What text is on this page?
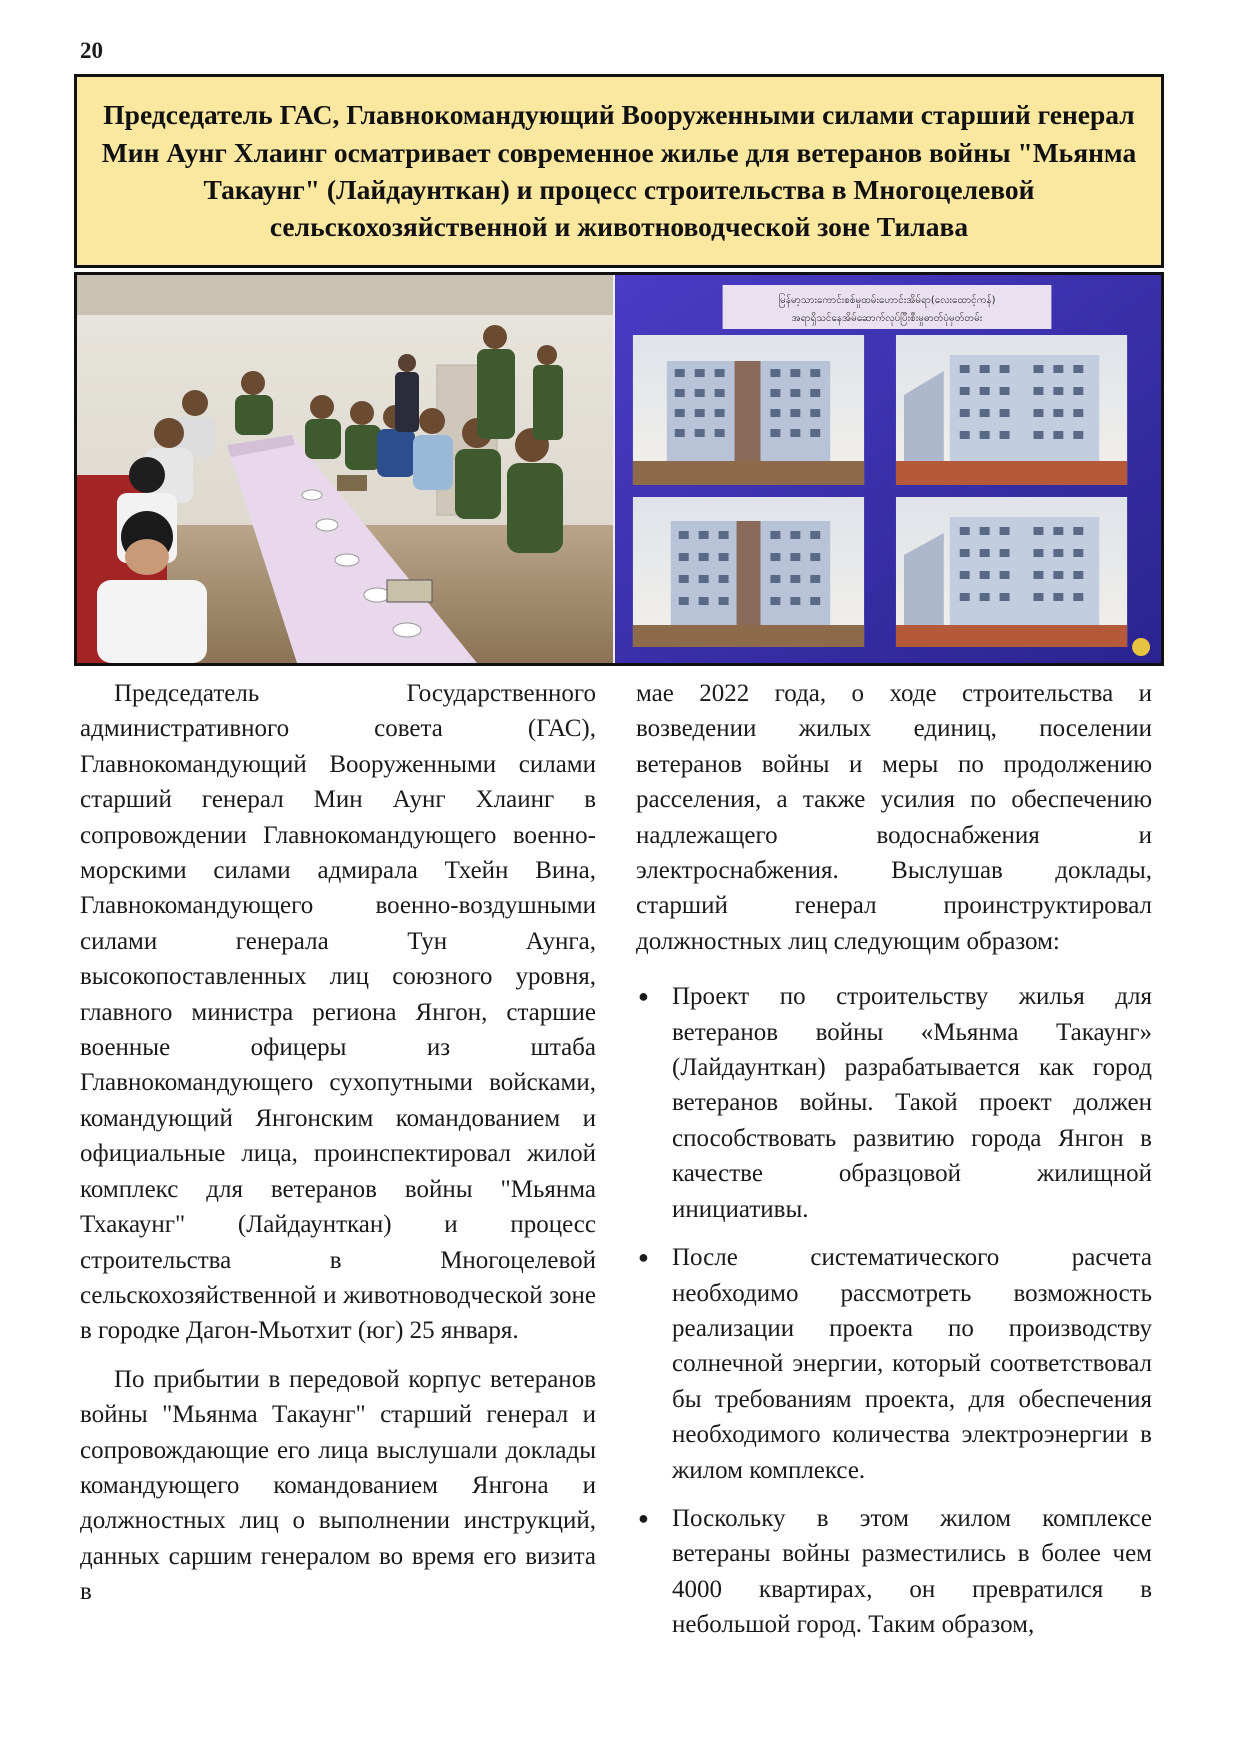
20
Председатель ГАС, Главнокомандующий Вооруженными силами старший генерал Мин Аунг Хлаинг осматривает современное жилье для ветеранов войны "Мьянма Такаунг" (Лайдаунткан) и процесс строительства в Многоцелевой сельскохозяйственной и животноводческой зоне Тилава
မြန်မာ့သားကောင်းစစ်မှုထမ်းဟောင်းအိမ်ရာ(လေးထောင့်ကန်)
အရာရှိသင်နေအိမ်ဆောက်လုပ်ပြီးစီးမှုဓာတ်ပုံမှတ်တမ်း

Председатель Государственного административного совета (ГАС), Главнокомандующий Вооруженными силами старший генерал Мин Аунг Хлаинг в сопровождении Главнокомандующего военно-морскими силами адмирала Тхейн Вина, Главнокомандующего военно-воздушными силами генерала Тун Аунга, высокопоставленных лиц союзного уровня, главного министра региона Янгон, старшие военные офицеры из штаба Главнокомандующего сухопутными войсками, командующий Янгонским командованием и официальные лица, проинспектировал жилой комплекс для ветеранов войны "Мьянма Тхакаунг" (Лайдаунткан) и процесс строительства в Многоцелевой сельскохозяйственной и животноводческой зоне в городке Дагон-Мьотхит (юг) 25 января.

По прибытии в передовой корпус ветеранов войны "Мьянма Такаунг" старший генерал и сопровождающие его лица выслушали доклады командующего командованием Янгона и должностных лиц о выполнении инструкций, данных саршим генералом во время его визита в

мае 2022 года, о ходе строительства и возведении жилых единиц, поселении ветеранов войны и меры по продолжению расселения, а также усилия по обеспечению надлежащего водоснабжения и электроснабжения. Выслушав доклады, старший генерал проинструктировал должностных лиц следующим образом:

● Проект по строительству жилья для ветеранов войны «Мьянма Такаунг» (Лайдаунткан) разрабатывается как город ветеранов войны. Такой проект должен способствовать развитию города Янгон в качестве образцовой жилищной инициативы.
● После систематического расчета необходимо рассмотреть возможность реализации проекта по производству солнечной энергии, который соответствовал бы требованиям проекта, для обеспечения необходимого количества электроэнергии в жилом комплексе.
● Поскольку в этом жилом комплексе ветераны войны разместились в более чем 4000 квартирах, он превратился в небольшой город. Таким образом,
